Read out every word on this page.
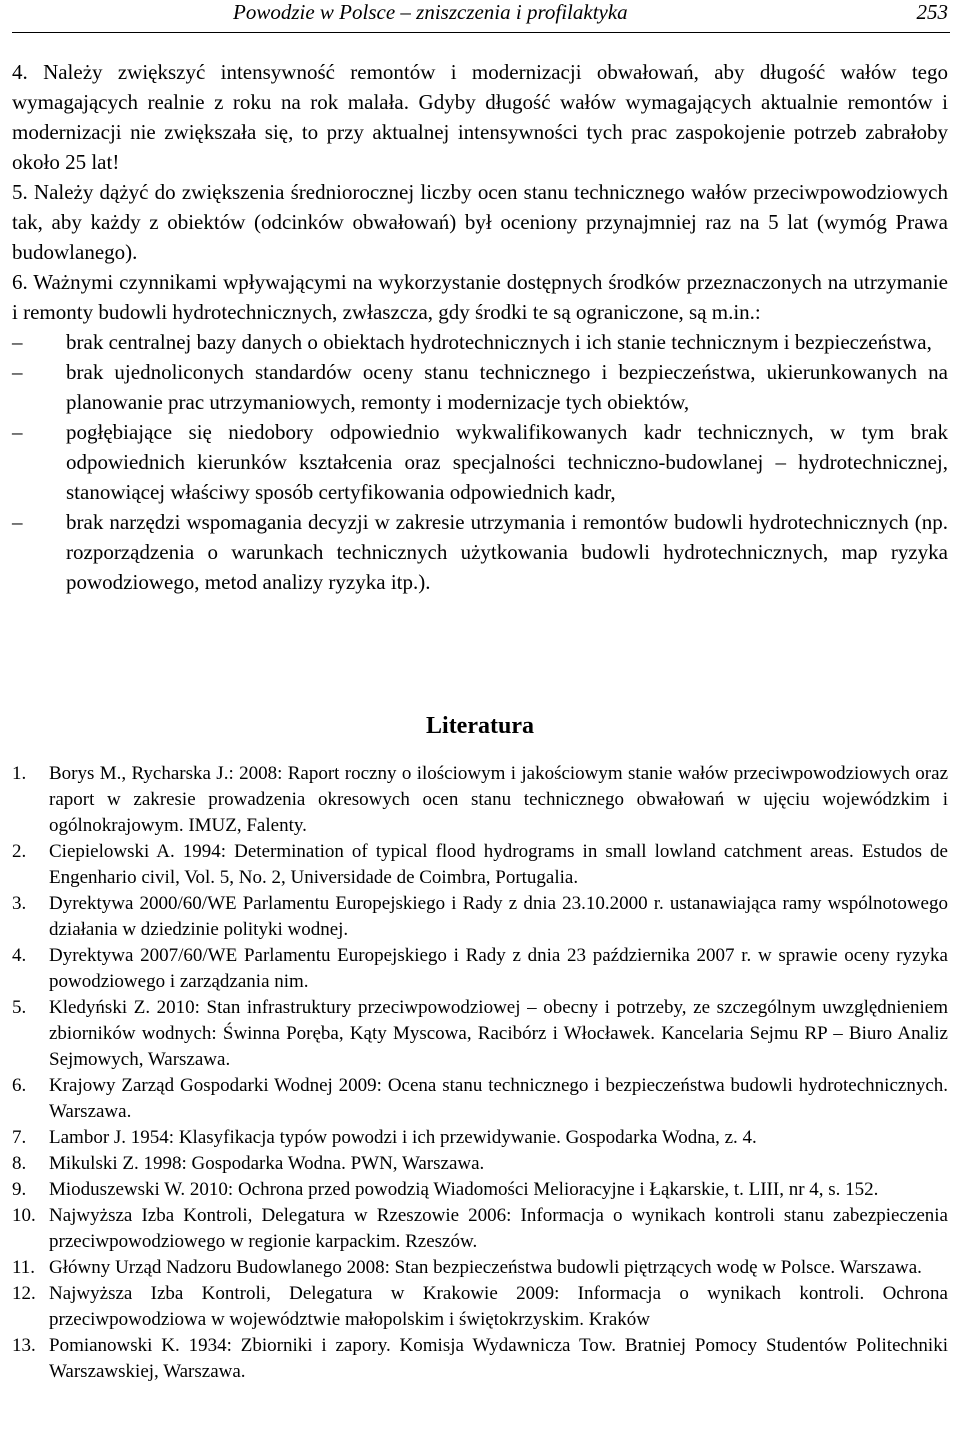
Powodzie w Polsce – zniszczenia i profilaktyka	253

4. Należy zwiększyć intensywność remontów i modernizacji obwałowań, aby długość wałów tego wymagających realnie z roku na rok malała. Gdyby długość wałów wymagających aktualnie remontów i modernizacji nie zwiększała się, to przy aktualnej intensywności tych prac zaspokojenie potrzeb zabrałoby około 25 lat!

5. Należy dążyć do zwiększenia średniorocznej liczby ocen stanu technicznego wałów przeciwpowodziowych tak, aby każdy z obiektów (odcinków obwałowań) był oceniony przynajmniej raz na 5 lat (wymóg Prawa budowlanego).

6. Ważnymi czynnikami wpływającymi na wykorzystanie dostępnych środków przeznaczonych na utrzymanie i remonty budowli hydrotechnicznych, zwłaszcza, gdy środki te są ograniczone, są m.in.:

– brak centralnej bazy danych o obiektach hydrotechnicznych i ich stanie technicznym i bezpieczeństwa,
– brak ujednoliconych standardów oceny stanu technicznego i bezpieczeństwa, ukierunkowanych na planowanie prac utrzymaniowych, remonty i modernizacje tych obiektów,
– pogłębiające się niedobory odpowiednio wykwalifikowanych kadr technicznych, w tym brak odpowiednich kierunków kształcenia oraz specjalności techniczno-budowlanej – hydrotechnicznej, stanowiącej właściwy sposób certyfikowania odpowiednich kadr,
– brak narzędzi wspomagania decyzji w zakresie utrzymania i remontów budowli hydrotechnicznych (np. rozporządzenia o warunkach technicznych użytkowania budowli hydrotechnicznych, map ryzyka powodziowego, metod analizy ryzyka itp.).
Literatura
1. Borys M., Rycharska J.: 2008: Raport roczny o ilościowym i jakościowym stanie wałów przeciwpowodziowych oraz raport w zakresie prowadzenia okresowych ocen stanu technicznego obwałowań w ujęciu wojewódzkim i ogólnokrajowym. IMUZ, Falenty.
2. Ciepielowski A. 1994: Determination of typical flood hydrograms in small lowland catchment areas. Estudos de Engenhario civil, Vol. 5, No. 2, Universidade de Coimbra, Portugalia.
3. Dyrektywa 2000/60/WE Parlamentu Europejskiego i Rady z dnia 23.10.2000 r. ustanawiająca ramy wspólnotowego działania w dziedzinie polityki wodnej.
4. Dyrektywa 2007/60/WE Parlamentu Europejskiego i Rady z dnia 23 października 2007 r. w sprawie oceny ryzyka powodziowego i zarządzania nim.
5. Kledyński Z. 2010: Stan infrastruktury przeciwpowodziowej – obecny i potrzeby, ze szczególnym uwzględnieniem zbiorników wodnych: Świnna Poręba, Kąty Myscowa, Racibórz i Włocławek. Kancelaria Sejmu RP – Biuro Analiz Sejmowych, Warszawa.
6. Krajowy Zarząd Gospodarki Wodnej 2009: Ocena stanu technicznego i bezpieczeństwa budowli hydrotechnicznych. Warszawa.
7. Lambor J. 1954: Klasyfikacja typów powodzi i ich przewidywanie. Gospodarka Wodna, z. 4.
8. Mikulski Z. 1998: Gospodarka Wodna. PWN, Warszawa.
9. Mioduszewski W. 2010: Ochrona przed powodzią Wiadomości Melioracyjne i Łąkarskie, t. LIII, nr 4, s. 152.
10. Najwyższa Izba Kontroli, Delegatura w Rzeszowie 2006: Informacja o wynikach kontroli stanu zabezpieczenia przeciwpowodziowego w regionie karpackim. Rzeszów.
11. Główny Urząd Nadzoru Budowlanego 2008: Stan bezpieczeństwa budowli piętrzących wodę w Polsce. Warszawa.
12. Najwyższa Izba Kontroli, Delegatura w Krakowie 2009: Informacja o wynikach kontroli. Ochrona przeciwpowodziowa w województwie małopolskim i świętokrzyskim. Kraków
13. Pomianowski K. 1934: Zbiorniki i zapory. Komisja Wydawnicza Tow. Bratniej Pomocy Studentów Politechniki Warszawskiej, Warszawa.
